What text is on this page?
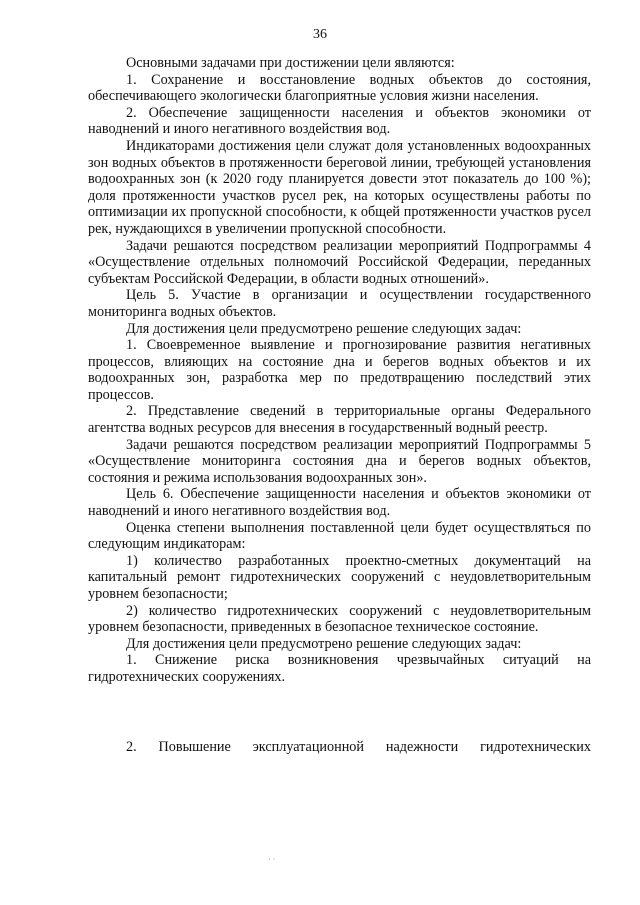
36

Основными задачами при достижении цели являются:

1. Сохранение и восстановление водных объектов до состояния, обеспечивающего экологически благоприятные условия жизни населения.

2. Обеспечение защищенности населения и объектов экономики от наводнений и иного негативного воздействия вод.

Индикаторами достижения цели служат доля установленных водоохранных зон водных объектов в протяженности береговой линии, требующей установления водоохранных зон (к 2020 году планируется довести этот показатель до 100 %); доля протяженности участков русел рек, на которых осуществлены работы по оптимизации их пропускной способности, к общей протяженности участков русел рек, нуждающихся в увеличении пропускной способности.

Задачи решаются посредством реализации мероприятий Подпрограммы 4 «Осуществление отдельных полномочий Российской Федерации, переданных субъектам Российской Федерации, в области водных отношений».

Цель 5. Участие в организации и осуществлении государственного мониторинга водных объектов.

Для достижения цели предусмотрено решение следующих задач:

1. Своевременное выявление и прогнозирование развития негативных процессов, влияющих на состояние дна и берегов водных объектов и их водоохранных зон, разработка мер по предотвращению последствий этих процессов.

2. Представление сведений в территориальные органы Федерального агентства водных ресурсов для внесения в государственный водный реестр.

Задачи решаются посредством реализации мероприятий Подпрограммы 5 «Осуществление мониторинга состояния дна и берегов водных объектов, состояния и режима использования водоохранных зон».

Цель 6. Обеспечение защищенности населения и объектов экономики от наводнений и иного негативного воздействия вод.

Оценка степени выполнения поставленной цели будет осуществляться по следующим индикаторам:

1) количество разработанных проектно-сметных документаций на капитальный ремонт гидротехнических сооружений с неудовлетворительным уровнем безопасности;

2) количество гидротехнических сооружений с неудовлетворительным уровнем безопасности, приведенных в безопасное техническое состояние.

Для достижения цели предусмотрено решение следующих задач:

1. Снижение риска возникновения чрезвычайных ситуаций на гидротехнических сооружениях.

2. Повышение эксплуатационной надежности гидротехнических

· ·
